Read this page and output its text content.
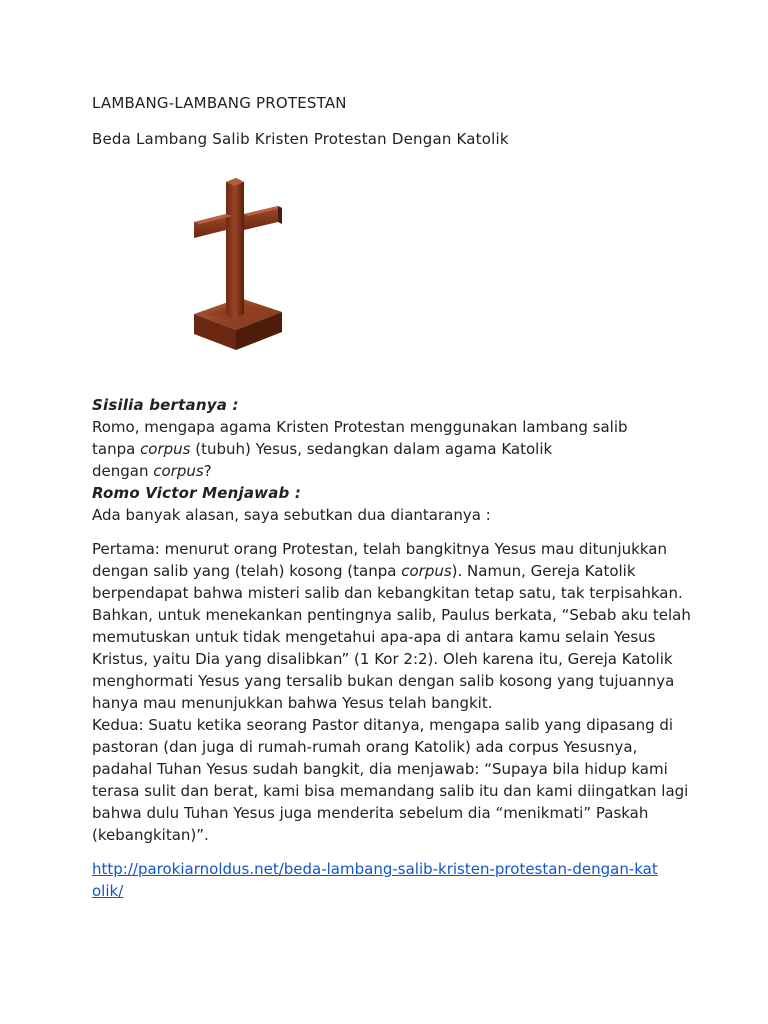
LAMBANG-LAMBANG PROTESTAN
Beda Lambang Salib Kristen Protestan Dengan Katolik

Sisilia bertanya :

Romo, mengapa agama Kristen Protestan menggunakan lambang salib

tanpa corpus (tubuh) Yesus, sedangkan dalam agama Katolik

dengan corpus?

Romo Victor Menjawab :

Ada banyak alasan, saya sebutkan dua diantaranya :

Pertama: menurut orang Protestan, telah bangkitnya Yesus mau ditunjukkan dengan salib yang (telah) kosong (tanpa corpus). Namun, Gereja Katolik berpendapat bahwa misteri salib dan kebangkitan tetap satu, tak terpisahkan. Bahkan, untuk menekankan pentingnya salib, Paulus berkata, “Sebab aku telah memutuskan untuk tidak mengetahui apa-apa di antara kamu selain Yesus Kristus, yaitu Dia yang disalibkan” (1 Kor 2:2). Oleh karena itu, Gereja Katolik menghormati Yesus yang tersalib bukan dengan salib kosong yang tujuannya hanya mau menunjukkan bahwa Yesus telah bangkit.

Kedua: Suatu ketika seorang Pastor ditanya, mengapa salib yang dipasang di pastoran (dan juga di rumah-rumah orang Katolik) ada corpus Yesusnya, padahal Tuhan Yesus sudah bangkit, dia menjawab: “Supaya bila hidup kami terasa sulit dan berat, kami bisa memandang salib itu dan kami diingatkan lagi bahwa dulu Tuhan Yesus juga menderita sebelum dia “menikmati” Paskah (kebangkitan)”.

http://parokiarnoldus.net/beda-lambang-salib-kristen-protestan-dengan-katolik/
